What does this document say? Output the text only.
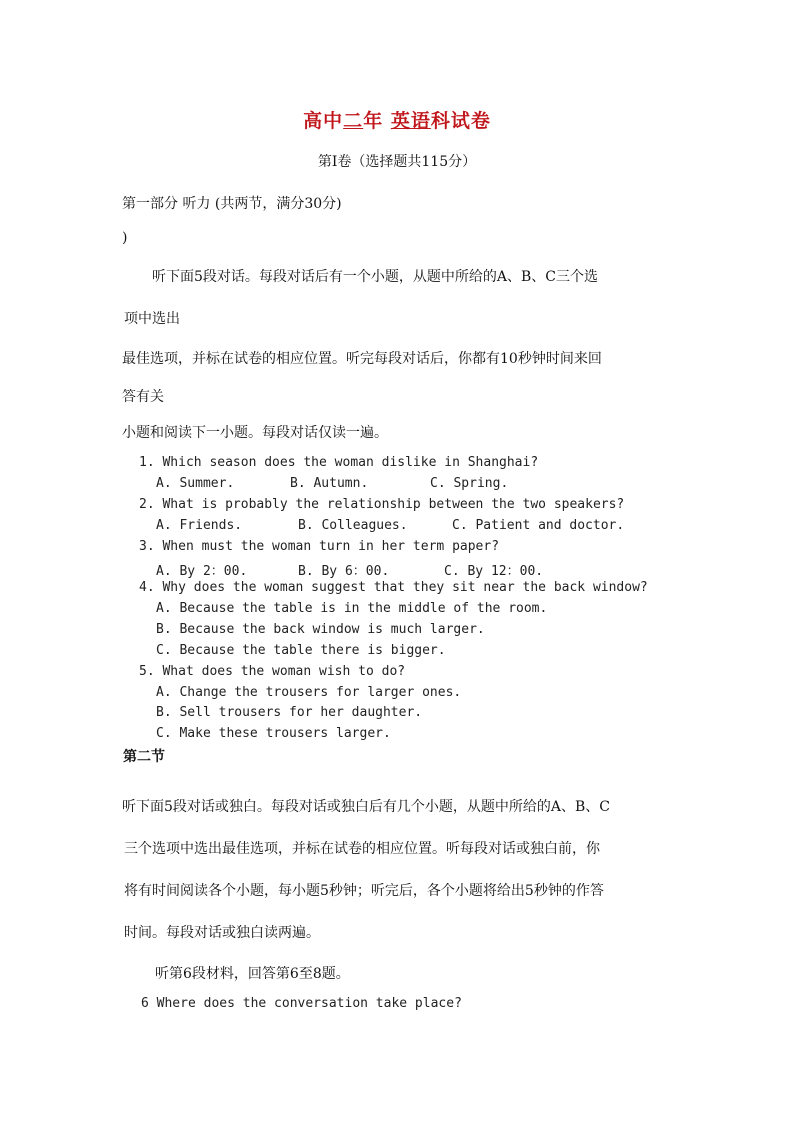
高中二年 英语科试卷
第I卷（选择题共115分）
第一部分 听力 (共两节，满分30分)
)
听下面5段对话。每段对话后有一个小题，从题中所给的A、B、C三个选
项中选出
最佳选项，并标在试卷的相应位置。听完每段对话后，你都有10秒钟时间来回
答有关
小题和阅读下一小题。每段对话仅读一遍。
1. Which season does the woman dislike in Shanghai?
A. Summer.	B. Autumn.	C. Spring.
2. What is probably the relationship between the two speakers?
A. Friends.	B. Colleagues.	C. Patient and doctor.
3. When must the woman turn in her term paper?
A. By 2：00.	B. By 6：00.	C. By 12：00.
4. Why does the woman suggest that they sit near the back window?
A. Because the table is in the middle of the room.
B. Because the back window is much larger.
C. Because the table there is bigger.
5. What does the woman wish to do?
A. Change the trousers for larger ones.
B. Sell trousers for her daughter.
C. Make these trousers larger.
第二节
听下面5段对话或独白。每段对话或独白后有几个小题，从题中所给的A、B、C
三个选项中选出最佳选项，并标在试卷的相应位置。听每段对话或独白前，你
将有时间阅读各个小题，每小题5秒钟；听完后，各个小题将给出5秒钟的作答
时间。每段对话或独白读两遍。
听第6段材料，回答第6至8题。
6 Where does the conversation take place?
